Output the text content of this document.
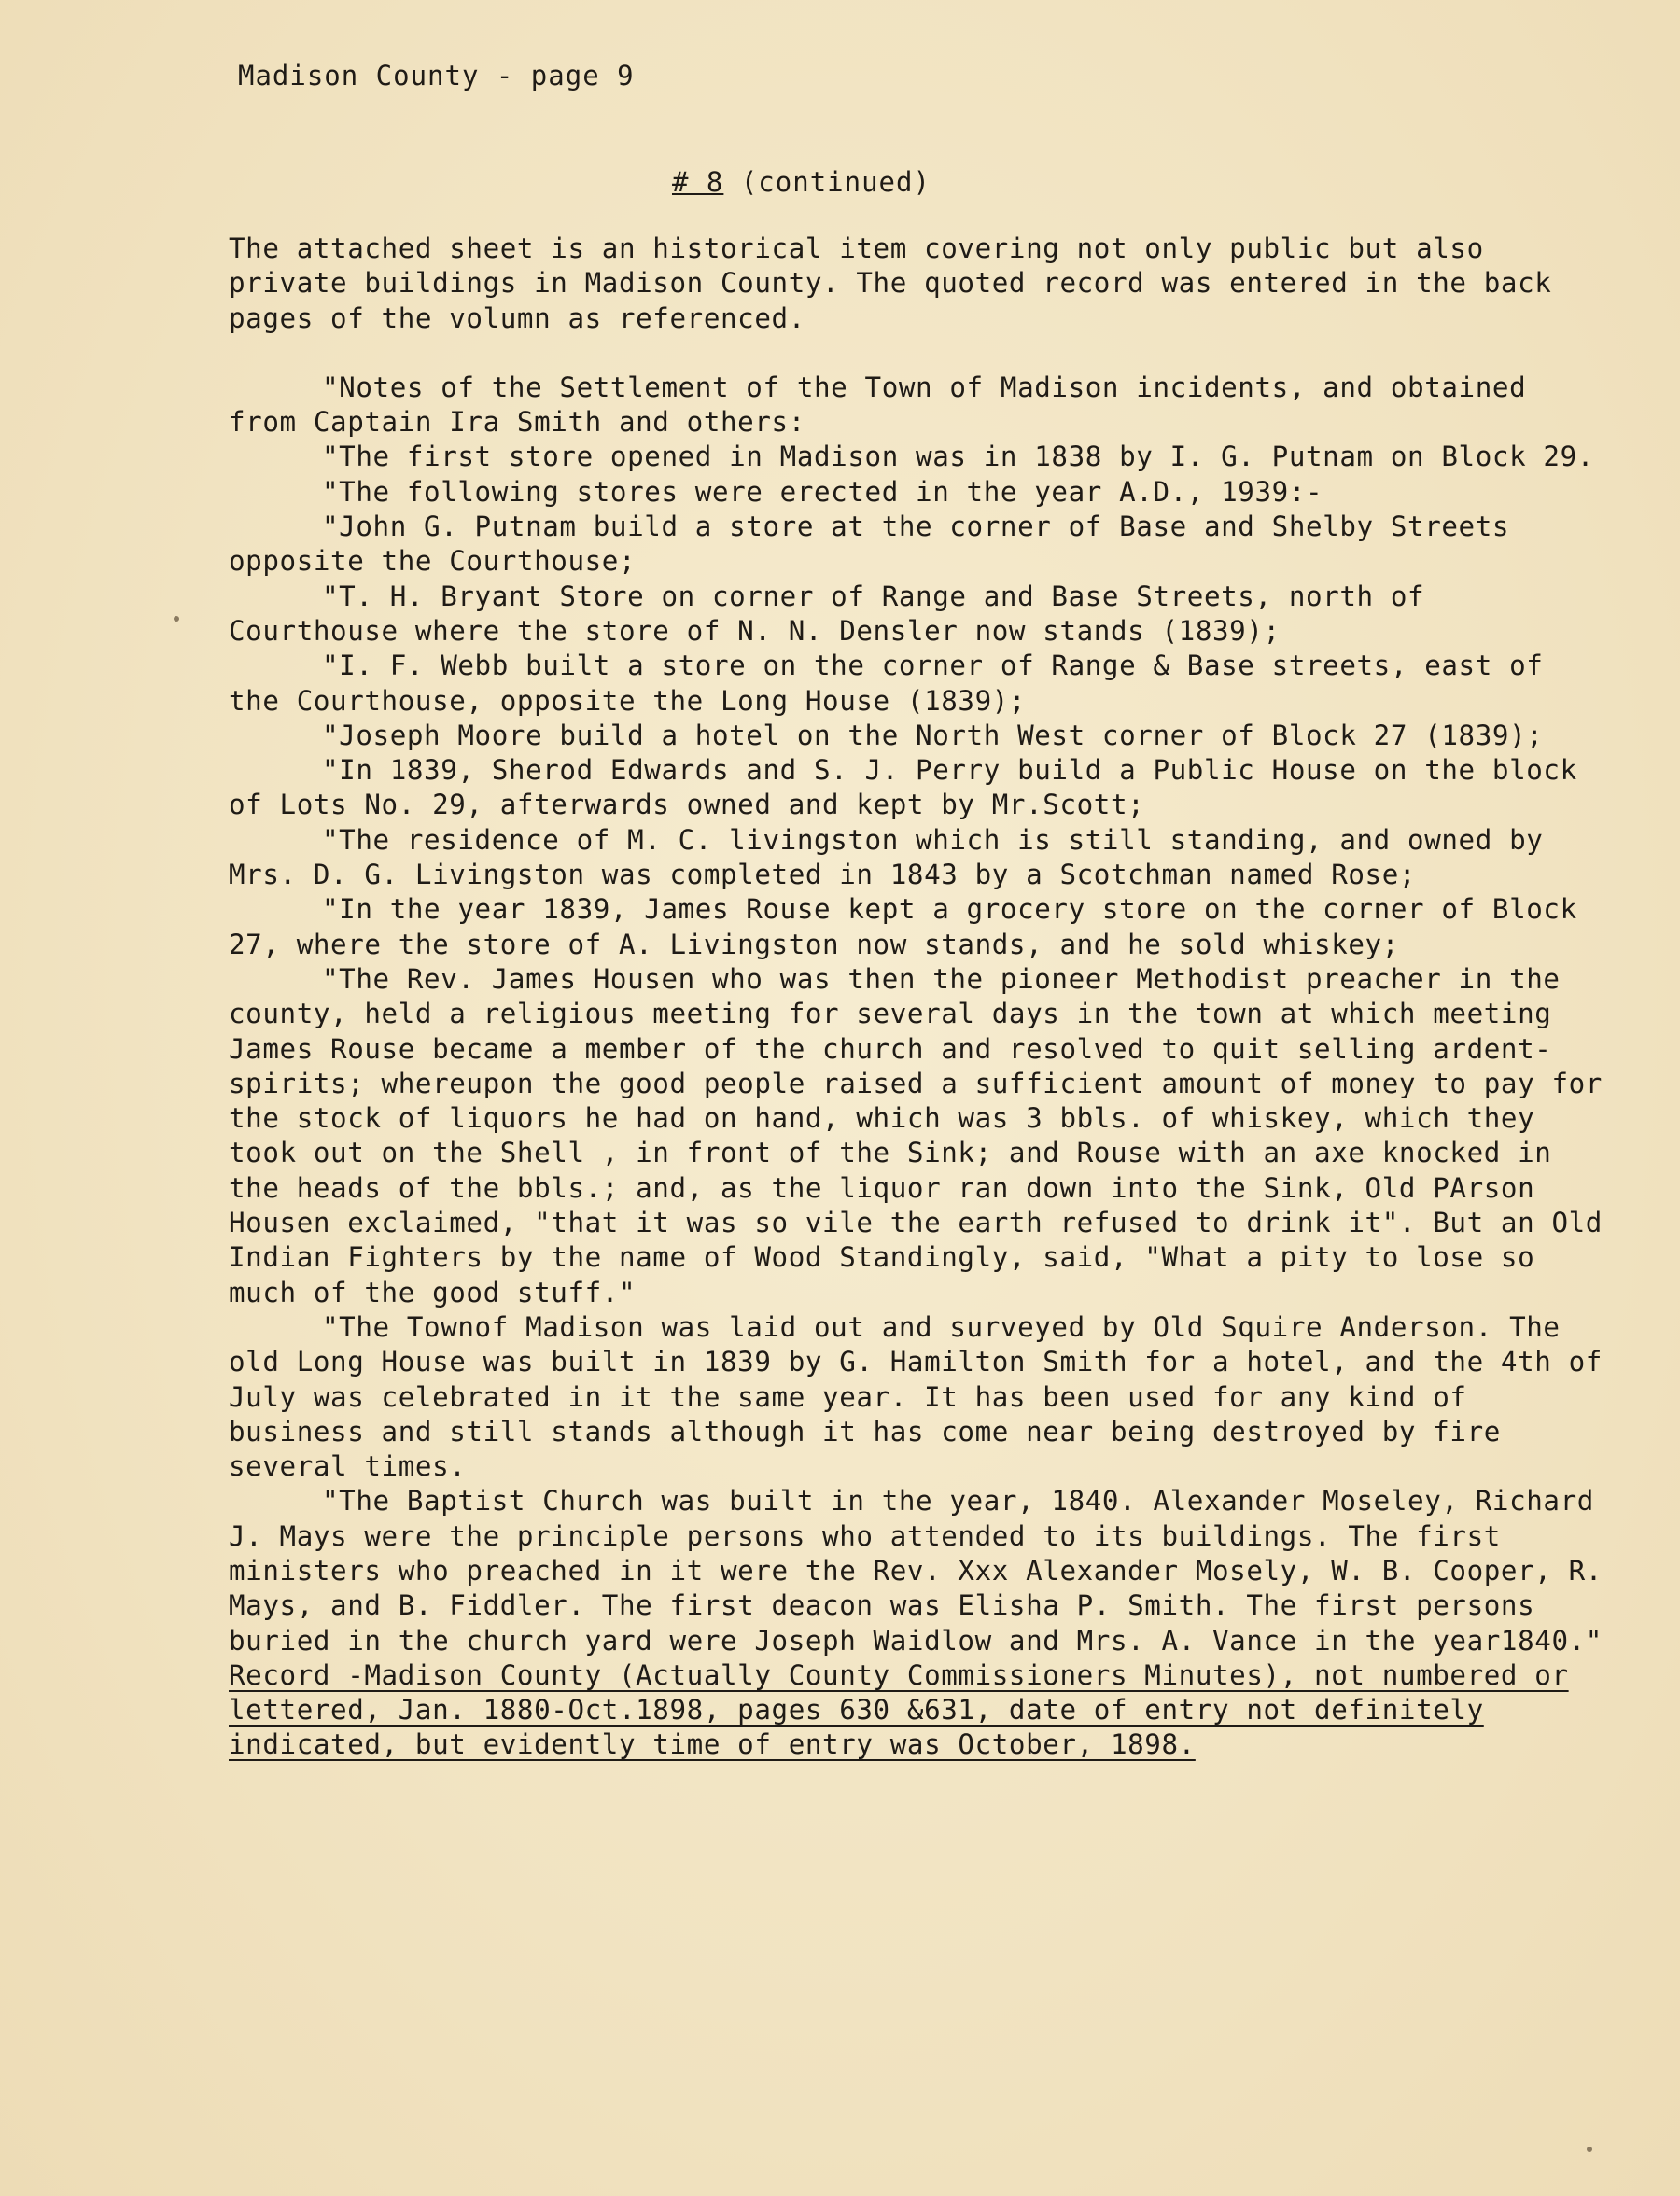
Madison County - page 9
# 8 (continued)

The attached sheet is an historical item covering not only public but also private buildings in Madison County. The quoted record was entered in the back pages of the volumn as referenced.

"Notes of the Settlement of the Town of Madison incidents, and obtained from Captain Ira Smith and others:

"The first store opened in Madison was in 1838 by I. G. Putnam on Block 29.

"The following stores were erected in the year A.D., 1939:-

"John G. Putnam build a store at the corner of Base and Shelby Streets opposite the Courthouse;

"T. H. Bryant Store on corner of Range and Base Streets, north of Courthouse where the store of N. N. Densler now stands (1839);

"I. F. Webb built a store on the corner of Range & Base streets, east of the Courthouse, opposite the Long House (1839);

"Joseph Moore build a hotel on the North West corner of Block 27 (1839);

"In 1839, Sherod Edwards and S. J. Perry build a Public House on the block of Lots No. 29, afterwards owned and kept by Mr.Scott;

"The residence of M. C. livingston which is still standing, and owned by Mrs. D. G. Livingston was completed in 1843 by a Scotchman named Rose;

"In the year 1839, James Rouse kept a grocery store on the corner of Block 27, where the store of A. Livingston now stands, and he sold whiskey;

"The Rev. James Housen who was then the pioneer Methodist preacher in the county, held a religious meeting for several days in the town at which meeting James Rouse became a member of the church and resolved to quit selling ardent-spirits; whereupon the good people raised a sufficient amount of money to pay for the stock of liquors he had on hand, which was 3 bbls. of whiskey, which they took out on the Shell , in front of the Sink; and Rouse with an axe knocked in the heads of the bbls.; and, as the liquor ran down into the Sink, Old PArson Housen exclaimed, "that it was so vile the earth refused to drink it". But an Old Indian Fighters by the name of Wood Standingly, said, "What a pity to lose so much of the good stuff."

"The Townof Madison was laid out and surveyed by Old Squire Anderson. The old Long House was built in 1839 by G. Hamilton Smith for a hotel, and the 4th of July was celebrated in it the same year. It has been used for any kind of business and still stands although it has come near being destroyed by fire several times.

"The Baptist Church was built in the year, 1840. Alexander Moseley, Richard J. Mays were the principle persons who attended to its buildings. The first ministers who preached in it were the Rev. Xxx Alexander Mosely, W. B. Cooper, R. Mays, and B. Fiddler. The first deacon was Elisha P. Smith. The first persons buried in the church yard were Joseph Waidlow and Mrs. A. Vance in the year1840."

Record -Madison County (Actually County Commissioners Minutes), not numbered or lettered, Jan. 1880-Oct.1898, pages 630 &631, date of entry not definitely indicated, but evidently time of entry was October, 1898.
